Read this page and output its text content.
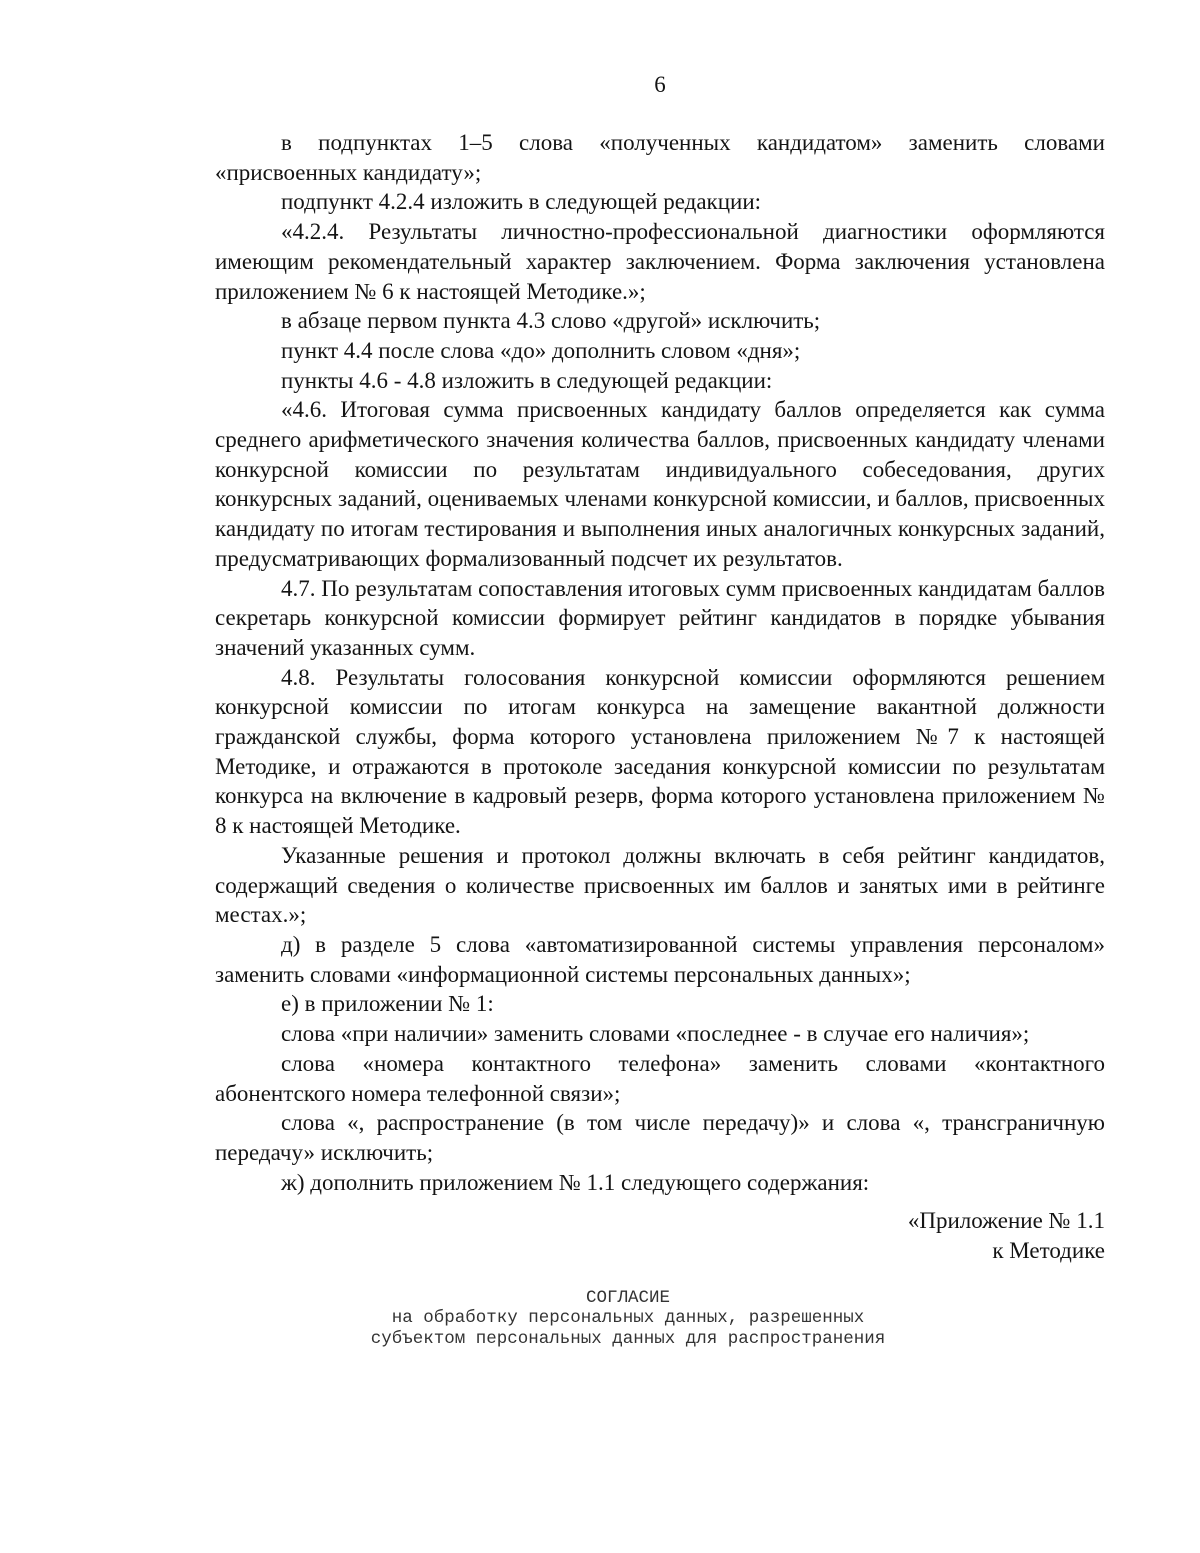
6

в подпунктах 1–5 слова «полученных кандидатом» заменить словами «присвоенных кандидату»;

подпункт 4.2.4 изложить в следующей редакции:

«4.2.4. Результаты личностно-профессиональной диагностики оформляются имеющим рекомендательный характер заключением. Форма заключения установлена приложением № 6 к настоящей Методике.»;

в абзаце первом пункта 4.3 слово «другой» исключить;

пункт 4.4 после слова «до» дополнить словом «дня»;

пункты 4.6 - 4.8 изложить в следующей редакции:

«4.6. Итоговая сумма присвоенных кандидату баллов определяется как сумма среднего арифметического значения количества баллов, присвоенных кандидату членами конкурсной комиссии по результатам индивидуального собеседования, других конкурсных заданий, оцениваемых членами конкурсной комиссии, и баллов, присвоенных кандидату по итогам тестирования и выполнения иных аналогичных конкурсных заданий, предусматривающих формализованный подсчет их результатов.

4.7. По результатам сопоставления итоговых сумм присвоенных кандидатам баллов секретарь конкурсной комиссии формирует рейтинг кандидатов в порядке убывания значений указанных сумм.

4.8. Результаты голосования конкурсной комиссии оформляются решением конкурсной комиссии по итогам конкурса на замещение вакантной должности гражданской службы, форма которого установлена приложением №7 к настоящей Методике, и отражаются в протоколе заседания конкурсной комиссии по результатам конкурса на включение в кадровый резерв, форма которого установлена приложением № 8 к настоящей Методике.

Указанные решения и протокол должны включать в себя рейтинг кандидатов, содержащий сведения о количестве присвоенных им баллов и занятых ими в рейтинге местах.»;

д) в разделе 5 слова «автоматизированной системы управления персоналом» заменить словами «информационной системы персональных данных»;

е) в приложении № 1:

слова «при наличии» заменить словами «последнее - в случае его наличия»;

слова «номера контактного телефона» заменить словами «контактного абонентского номера телефонной связи»;

слова «, распространение (в том числе передачу)» и слова «, трансграничную передачу» исключить;

ж) дополнить приложением № 1.1 следующего содержания:

«Приложение № 1.1
к Методике
СОГЛАСИЕ
на обработку персональных данных, разрешенных
субъектом персональных данных для распространения
